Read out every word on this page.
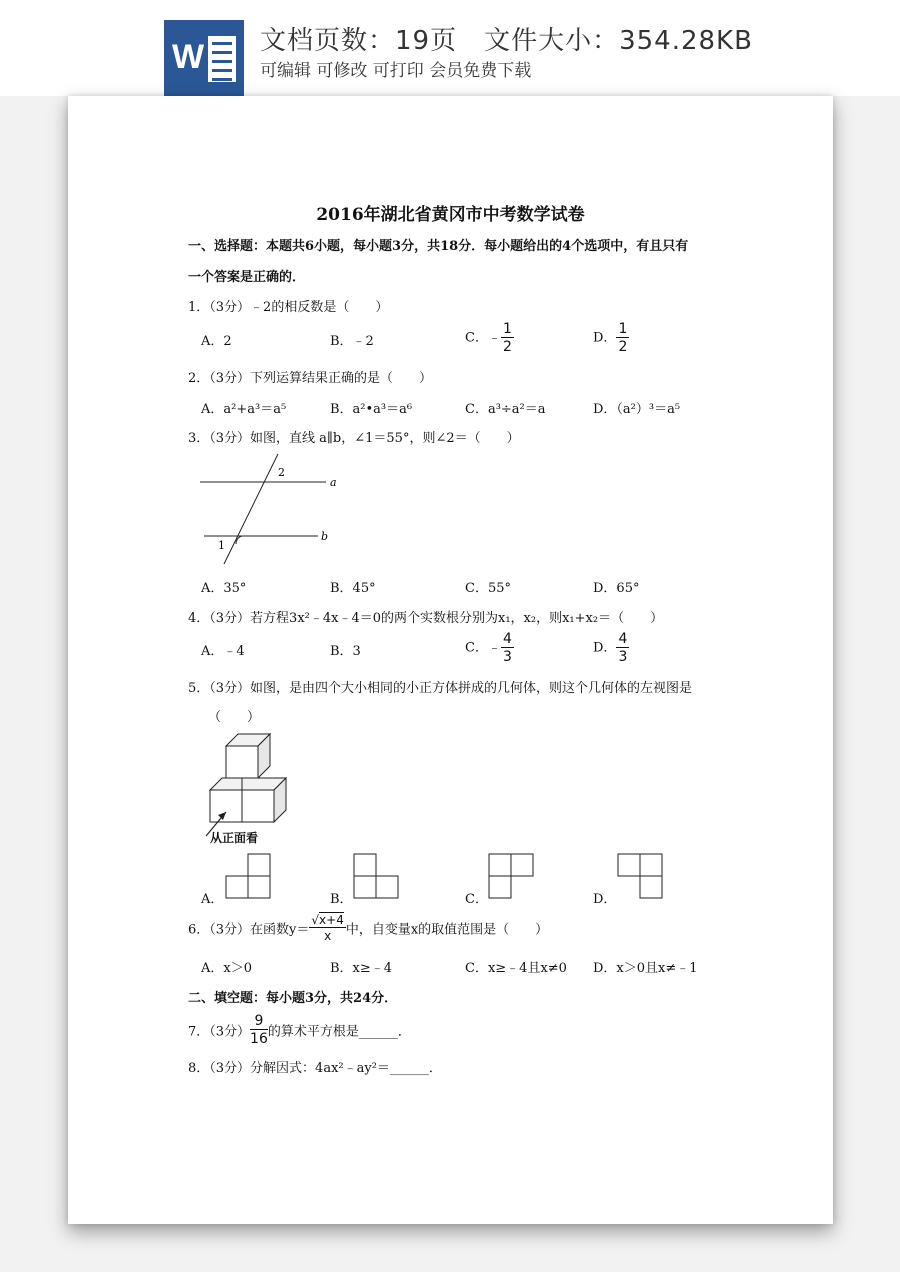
W 文档页数：19页　文件大小：354.28KB
可编辑 可修改 可打印 会员免费下载
2016年湖北省黄冈市中考数学试卷
一、选择题：本题共6小题，每小题3分，共18分．每小题给出的4个选项中，有且只有
一个答案是正确的．
1．（3分）﹣2的相反数是（　　）
A．2	B．﹣2	C．﹣ $\frac{1}{2}$	D． $\frac{1}{2}$
2．（3分）下列运算结果正确的是（　　）
A．a²+a³＝a⁵	B．a²•a³＝a⁶	C．a³÷a²＝a	D．（a²）³＝a⁵
3．（3分）如图，直线 a∥b，∠1＝55°，则∠2＝（　　）
a
b
1
2
A．35°	B．45°	C．55°	D．65°
4．（3分）若方程3x²﹣4x﹣4＝0的两个实数根分别为x₁，x₂，则x₁+x₂＝（　　）
A．﹣4	B．3	C．﹣ $\frac{4}{3}$	D． $\frac{4}{3}$
5．（3分）如图，是由四个大小相同的小正方体拼成的几何体，则这个几何体的左视图是
（　　）
从正面看
A．	B．	C．	D．
6．（3分）在函数$y= \frac{√x+4}{x}$ 中，自变量x的取值范围是（　　）
A．x＞0	B．x≥﹣4	C．x≥﹣4且x≠0 D．x＞0且x≠﹣1
二、填空题：每小题3分，共24分．
7．（3分） $\frac{9}{16}$ 的算术平方根是______．
8．（3分）分解因式：4ax²﹣ay²＝______．
